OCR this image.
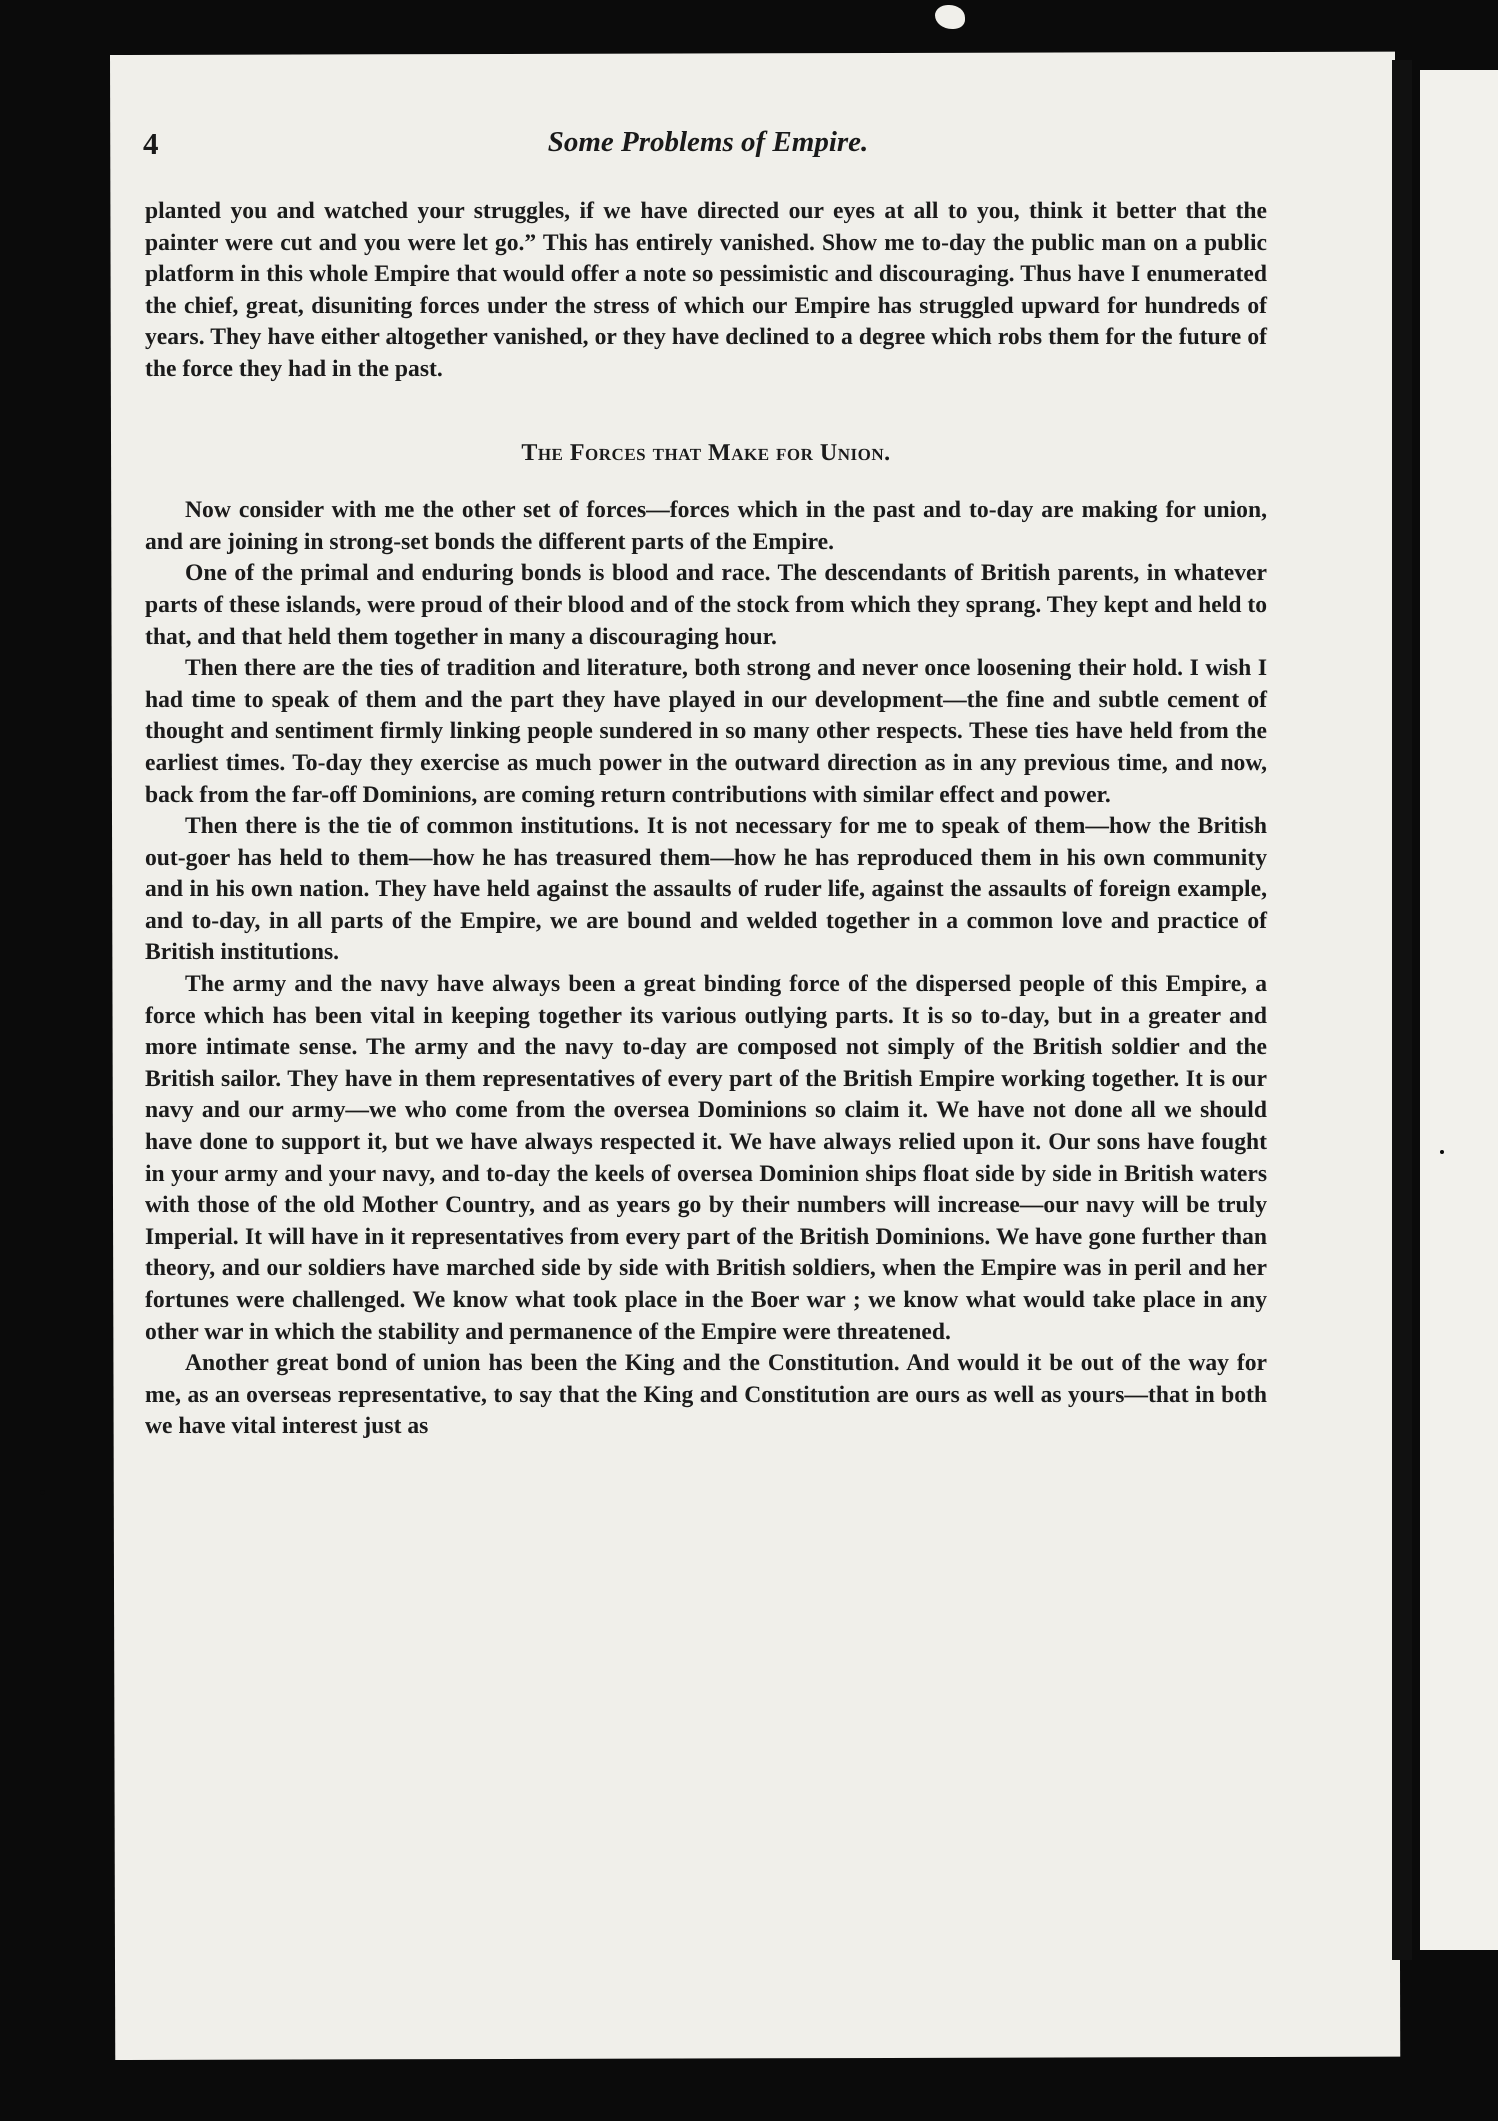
4	Some Problems of Empire.

planted you and watched your struggles, if we have directed our eyes at all to you, think it better that the painter were cut and you were let go.” This has entirely vanished. Show me to-day the public man on a public platform in this whole Empire that would offer a note so pessimistic and discouraging. Thus have I enumerated the chief, great, disuniting forces under the stress of which our Empire has struggled upward for hundreds of years. They have either altogether vanished, or they have declined to a degree which robs them for the future of the force they had in the past.

The Forces that Make for Union.

Now consider with me the other set of forces—forces which in the past and to-day are making for union, and are joining in strong-set bonds the different parts of the Empire.

One of the primal and enduring bonds is blood and race. The descendants of British parents, in whatever parts of these islands, were proud of their blood and of the stock from which they sprang. They kept and held to that, and that held them together in many a discouraging hour.

Then there are the ties of tradition and literature, both strong and never once loosening their hold. I wish I had time to speak of them and the part they have played in our development—the fine and subtle cement of thought and sentiment firmly linking people sundered in so many other respects. These ties have held from the earliest times. To-day they exercise as much power in the outward direction as in any previous time, and now, back from the far-off Dominions, are coming return contributions with similar effect and power.

Then there is the tie of common institutions. It is not necessary for me to speak of them—how the British out-goer has held to them—how he has treasured them—how he has reproduced them in his own community and in his own nation. They have held against the assaults of ruder life, against the assaults of foreign example, and to-day, in all parts of the Empire, we are bound and welded together in a common love and practice of British institutions.

The army and the navy have always been a great binding force of the dispersed people of this Empire, a force which has been vital in keeping together its various outlying parts. It is so to-day, but in a greater and more intimate sense. The army and the navy to-day are composed not simply of the British soldier and the British sailor. They have in them representatives of every part of the British Empire working together. It is our navy and our army—we who come from the oversea Dominions so claim it. We have not done all we should have done to support it, but we have always respected it. We have always relied upon it. Our sons have fought in your army and your navy, and to-day the keels of oversea Dominion ships float side by side in British waters with those of the old Mother Country, and as years go by their numbers will increase—our navy will be truly Imperial. It will have in it representatives from every part of the British Dominions. We have gone further than theory, and our soldiers have marched side by side with British soldiers, when the Empire was in peril and her fortunes were challenged. We know what took place in the Boer war ; we know what would take place in any other war in which the stability and permanence of the Empire were threatened.

Another great bond of union has been the King and the Constitution. And would it be out of the way for me, as an overseas representative, to say that the King and Constitution are ours as well as yours—that in both we have vital interest just as
